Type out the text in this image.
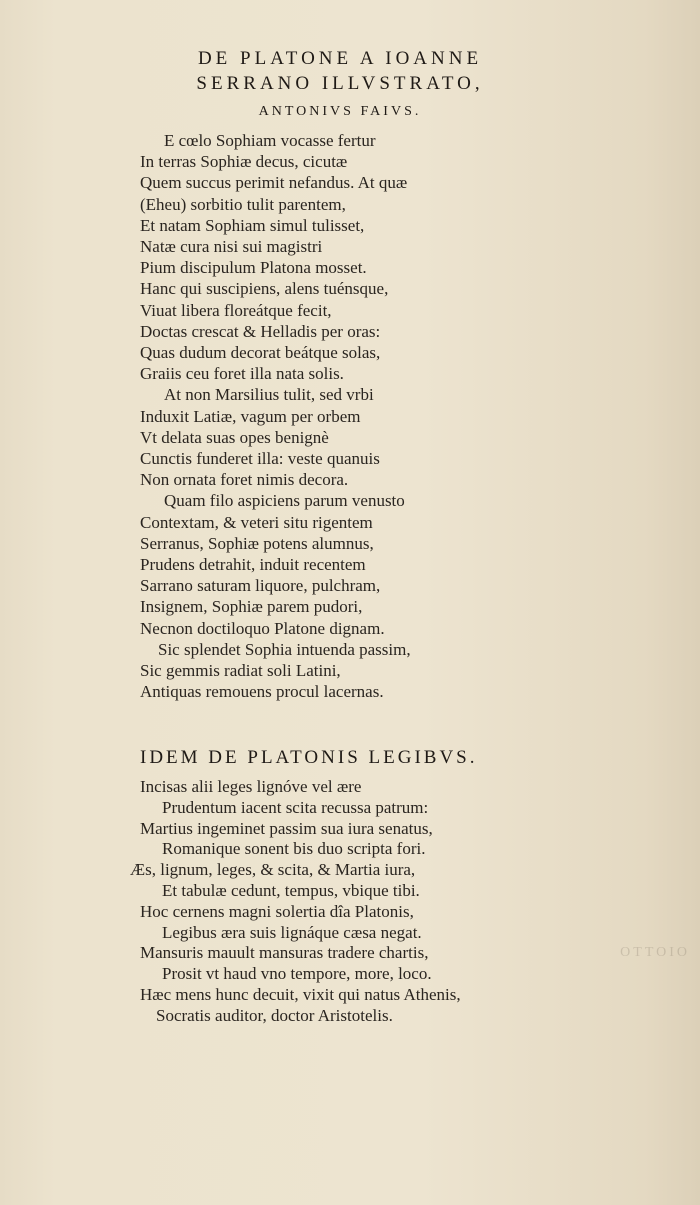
OTTOIO
DE PLATONE A IOANNE
SERRANO ILLVSTRATO,
ANTONIVS FAIVS.
E cœlo Sophiam vocasse fertur
In terras Sophiæ decus, cicutæ
Quem succus perimit nefandus. At quæ
(Eheu) sorbitio tulit parentem,
Et natam Sophiam simul tulisset,
Natæ cura nisi sui magistri
Pium discipulum Platona mosset.
Hanc qui suscipiens, alens tuénsque,
Viuat libera floreátque fecit,
Doctas crescat & Helladis per oras:
Quas dudum decorat beátque solas,
Graiis ceu foret illa nata solis.
At non Marsilius tulit, sed vrbi
Induxit Latiæ, vagum per orbem
Vt delata suas opes benignè
Cunctis funderet illa: veste quanuis
Non ornata foret nimis decora.
Quam filo aspiciens parum venusto
Contextam, & veteri situ rigentem
Serranus, Sophiæ potens alumnus,
Prudens detrahit, induit recentem
Sarrano saturam liquore, pulchram,
Insignem, Sophiæ parem pudori,
Necnon doctiloquo Platone dignam.
Sic splendet Sophia intuenda passim,
Sic gemmis radiat soli Latini,
Antiquas remouens procul lacernas.
IDEM DE PLATONIS LEGIBVS.
Incisas alii leges lignóve vel ære
Prudentum iacent scita recussa patrum:
Martius ingeminet passim sua iura senatus,
Romanique sonent bis duo scripta fori.
Æs, lignum, leges, & scita, & Martia iura,
Et tabulæ cedunt, tempus, vbique tibi.
Hoc cernens magni solertia dîa Platonis,
Legibus æra suis lignáque cæsa negat.
Mansuris mauult mansuras tradere chartis,
Prosit vt haud vno tempore, more, loco.
Hæc mens hunc decuit, vixit qui natus Athenis,
Socratis auditor, doctor Aristotelis.
